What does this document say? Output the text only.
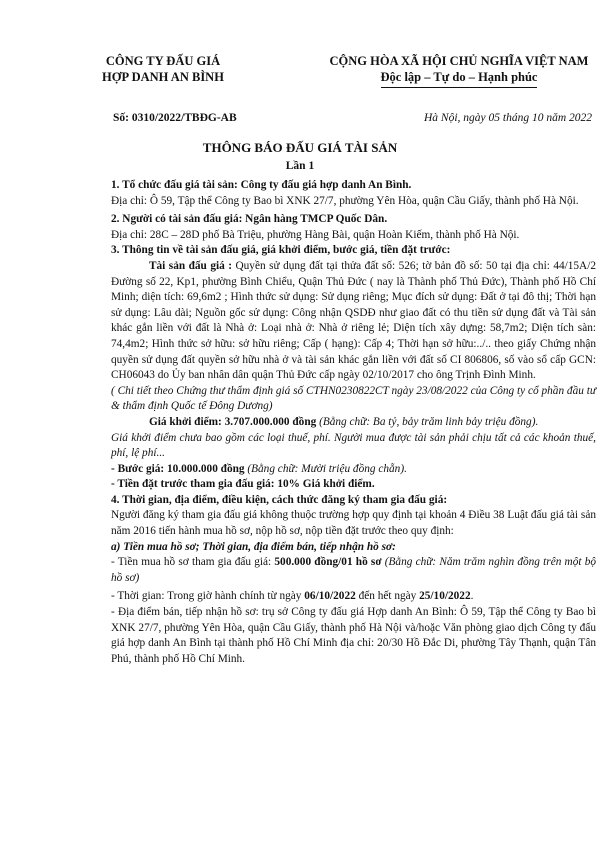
CÔNG TY ĐẤU GIÁ
HỢP DANH AN BÌNH
CỘNG HÒA XÃ HỘI CHỦ NGHĨA VIỆT NAM
Độc lập – Tự do – Hạnh phúc
Số: 0310/2022/TBĐG-AB	Hà Nội, ngày 05 tháng 10 năm 2022
THÔNG BÁO ĐẤU GIÁ TÀI SẢN
Lần 1

1. Tổ chức đấu giá tài sản: Công ty đấu giá hợp danh An Bình.

Địa chỉ: Ô 59, Tập thể Công ty Bao bì XNK 27/7, phường Yên Hòa, quận Cầu Giấy, thành phố Hà Nội.

2. Người có tài sản đấu giá: Ngân hàng TMCP Quốc Dân.

Địa chỉ: 28C – 28D phố Bà Triệu, phường Hàng Bài, quận Hoàn Kiếm, thành phố Hà Nội.

3. Thông tin về tài sản đấu giá, giá khởi điểm, bước giá, tiền đặt trước:

Tài sản đấu giá : Quyền sử dụng đất tại thửa đất số: 526; tờ bản đồ số: 50 tại địa chỉ: 44/15A/2 Đường số 22, Kp1, phường Bình Chiểu, Quận Thủ Đức ( nay là Thành phố Thủ Đức), Thành phố Hồ Chí Minh; diện tích: 69,6m2 ; Hình thức sử dụng: Sử dụng riêng; Mục đích sử dụng: Đất ở tại đô thị; Thời hạn sử dụng: Lâu dài; Nguồn gốc sử dụng: Công nhận QSDĐ như giao đất có thu tiền sử dụng đất và Tài sản khác gắn liền với đất là Nhà ở: Loại nhà ở: Nhà ở riêng lẻ; Diện tích xây dựng: 58,7m2; Diện tích sàn: 74,4m2; Hình thức sở hữu: sở hữu riêng; Cấp ( hạng): Cấp 4; Thời hạn sở hữu:../.. theo giấy Chứng nhận quyền sử dụng đất quyền sở hữu nhà ở và tài sản khác gắn liền với đất số CI 806806, số vào sổ cấp GCN: CH06043 do Ủy ban nhân dân quận Thủ Đức cấp ngày 02/10/2017 cho ông Trịnh Đình Minh.

( Chi tiết theo Chứng thư thẩm định giá số CTHN0230822CT ngày 23/08/2022 của Công ty cổ phần đầu tư & thẩm định Quốc tế Đông Dương)

Giá khởi điểm: 3.707.000.000 đồng (Bằng chữ: Ba tỷ, bảy trăm linh bảy triệu đồng).

Giá khởi điểm chưa bao gồm các loại thuế, phí. Người mua được tài sản phải chịu tất cả các khoản thuế, phí, lệ phí...

- Bước giá: 10.000.000 đồng (Bằng chữ: Mười triệu đồng chẵn).

- Tiền đặt trước tham gia đấu giá: 10% Giá khởi điểm.

4. Thời gian, địa điểm, điều kiện, cách thức đăng ký tham gia đấu giá:

Người đăng ký tham gia đấu giá không thuộc trường hợp quy định tại khoản 4 Điều 38 Luật đấu giá tài sản năm 2016 tiến hành mua hồ sơ, nộp hồ sơ, nộp tiền đặt trước theo quy định:

a) Tiền mua hồ sơ; Thời gian, địa điểm bán, tiếp nhận hồ sơ:

- Tiền mua hồ sơ tham gia đấu giá: 500.000 đồng/01 hồ sơ (Bằng chữ: Năm trăm nghìn đồng trên một bộ hồ sơ)

- Thời gian: Trong giờ hành chính từ ngày 06/10/2022 đến hết ngày 25/10/2022.

- Địa điểm bán, tiếp nhận hồ sơ: trụ sở Công ty đấu giá Hợp danh An Bình: Ô 59, Tập thể Công ty Bao bì XNK 27/7, phường Yên Hòa, quận Cầu Giấy, thành phố Hà Nội và/hoặc Văn phòng giao dịch Công ty đấu giá hợp danh An Bình tại thành phố Hồ Chí Minh địa chỉ: 20/30 Hồ Đắc Di, phường Tây Thạnh, quận Tân Phú, thành phố Hồ Chí Minh.
